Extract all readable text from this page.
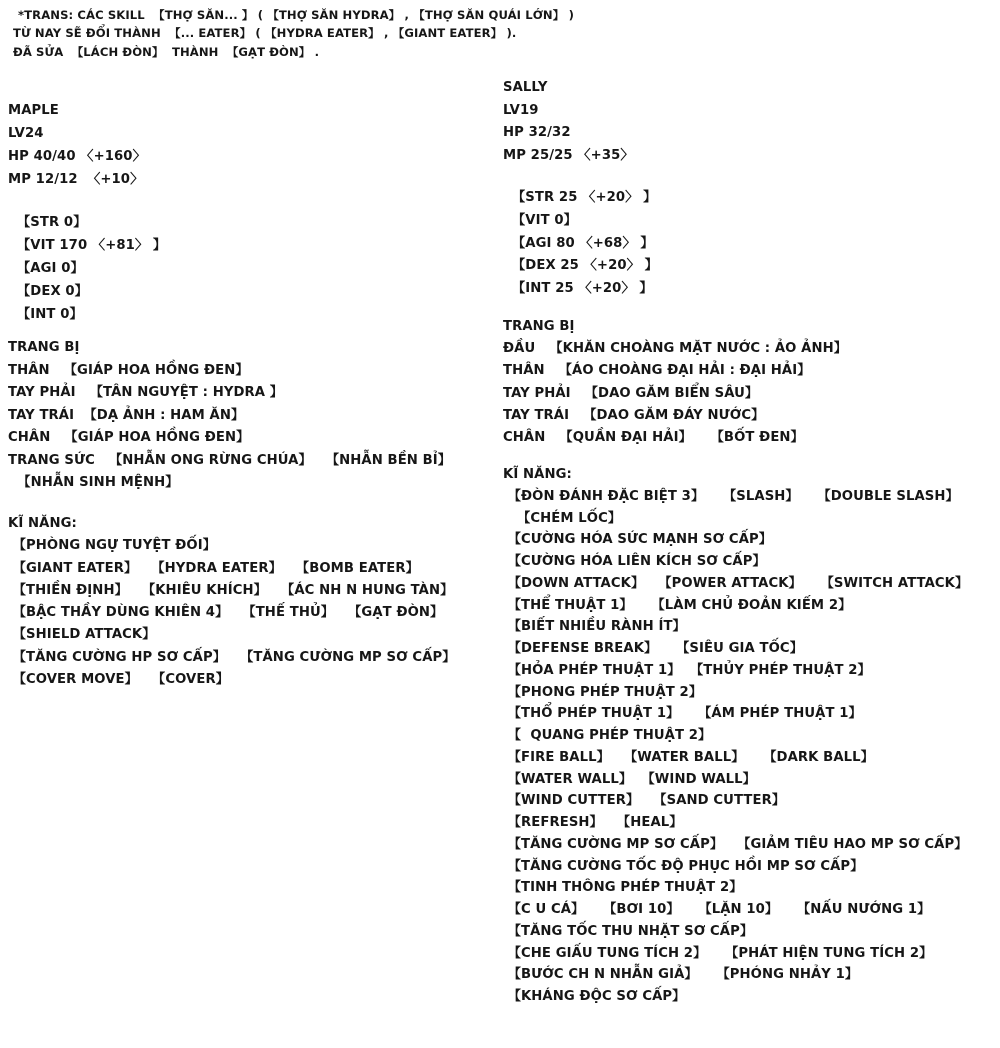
*TRANS: CÁC SKILL  【THỢ SĂN... 】 ( 【THỢ SĂN HYDRA】 , 【THỢ SĂN QUÁI LỚN】 )
TỪ NAY SẼ ĐỔI THÀNH  【... EATER】 ( 【HYDRA EATER】 , 【GIANT EATER】 ).
ĐÃ SỬA  【LÁCH ĐÒN】  THÀNH  【GẠT ĐÒN】 .
MAPLE
LV24
HP 40/40 〈+160〉
MP 12/12  〈+10〉
【STR 0】
【VIT 170 〈+81〉 】
【AGI 0】
【DEX 0】
【INT 0】
TRANG BỊ
THÂN   【GIÁP HOA HỒNG ĐEN】
TAY PHẢI   【TÂN NGUYỆT : HYDRA 】
TAY TRÁI  【DẠ ẢNH : HAM ĂN】
CHÂN   【GIÁP HOA HỒNG ĐEN】
TRANG SỨC   【NHẪN ONG RỪNG CHÚA】   【NHẪN BỀN BỈ】
【NHẪN SINH MỆNH】
KĨ NĂNG:
【PHÒNG NGỰ TUYỆT ĐỐI】
【GIANT EATER】   【HYDRA EATER】   【BOMB EATER】
【THIỀN ĐỊNH】   【KHIÊU KHÍCH】   【ÁC NH N HUNG TÀN】
【BẬC THẦY DÙNG KHIÊN 4】   【THẾ THỦ】   【GẠT ĐÒN】
【SHIELD ATTACK】
【TĂNG CƯỜNG HP SƠ CẤP】   【TĂNG CƯỜNG MP SƠ CẤP】
【COVER MOVE】   【COVER】
SALLY
LV19
HP 32/32
MP 25/25 〈+35〉
【STR 25 〈+20〉 】
【VIT 0】
【AGI 80 〈+68〉 】
【DEX 25 〈+20〉 】
【INT 25 〈+20〉 】
TRANG BỊ
ĐẦU   【KHĂN CHOÀNG MẶT NƯỚC : ẢO ẢNH】
THÂN   【ÁO CHOÀNG ĐẠI HẢI : ĐẠI HẢI】
TAY PHẢI   【DAO GĂM BIỂN SÂU】
TAY TRÁI   【DAO GĂM ĐÁY NƯỚC】
CHÂN   【QUẦN ĐẠI HẢI】    【BỐT ĐEN】
KĨ NĂNG:
【ĐÒN ĐÁNH ĐẶC BIỆT 3】    【SLASH】    【DOUBLE SLASH】
【CHÉM LỐC】
【CƯỜNG HÓA SỨC MẠNH SƠ CẤP】
【CƯỜNG HÓA LIÊN KÍCH SƠ CẤP】
【DOWN ATTACK】   【POWER ATTACK】    【SWITCH ATTACK】
【THỂ THUẬT 1】    【LÀM CHỦ ĐOẢN KIẾM 2】
【BIẾT NHIỀU RÀNH ÍT】
【DEFENSE BREAK】    【SIÊU GIA TỐC】
【HỎA PHÉP THUẬT 1】  【THỦY PHÉP THUẬT 2】
【PHONG PHÉP THUẬT 2】
【THỔ PHÉP THUẬT 1】    【ÁM PHÉP THUẬT 1】
【  QUANG PHÉP THUẬT 2】
【FIRE BALL】   【WATER BALL】    【DARK BALL】
【WATER WALL】  【WIND WALL】
【WIND CUTTER】   【SAND CUTTER】
【REFRESH】   【HEAL】
【TĂNG CƯỜNG MP SƠ CẤP】   【GIẢM TIÊU HAO MP SƠ CẤP】
【TĂNG CƯỜNG TỐC ĐỘ PHỤC HỒI MP SƠ CẤP】
【TINH THÔNG PHÉP THUẬT 2】
【C U CÁ】    【BƠI 10】    【LẶN 10】    【NẤU NƯỚNG 1】
【TĂNG TỐC THU NHẶT SƠ CẤP】
【CHE GIẤU TUNG TÍCH 2】    【PHÁT HIỆN TUNG TÍCH 2】
【BƯỚC CH N NHẪN GIẢ】    【PHÓNG NHẢY 1】
【KHÁNG ĐỘC SƠ CẤP】
